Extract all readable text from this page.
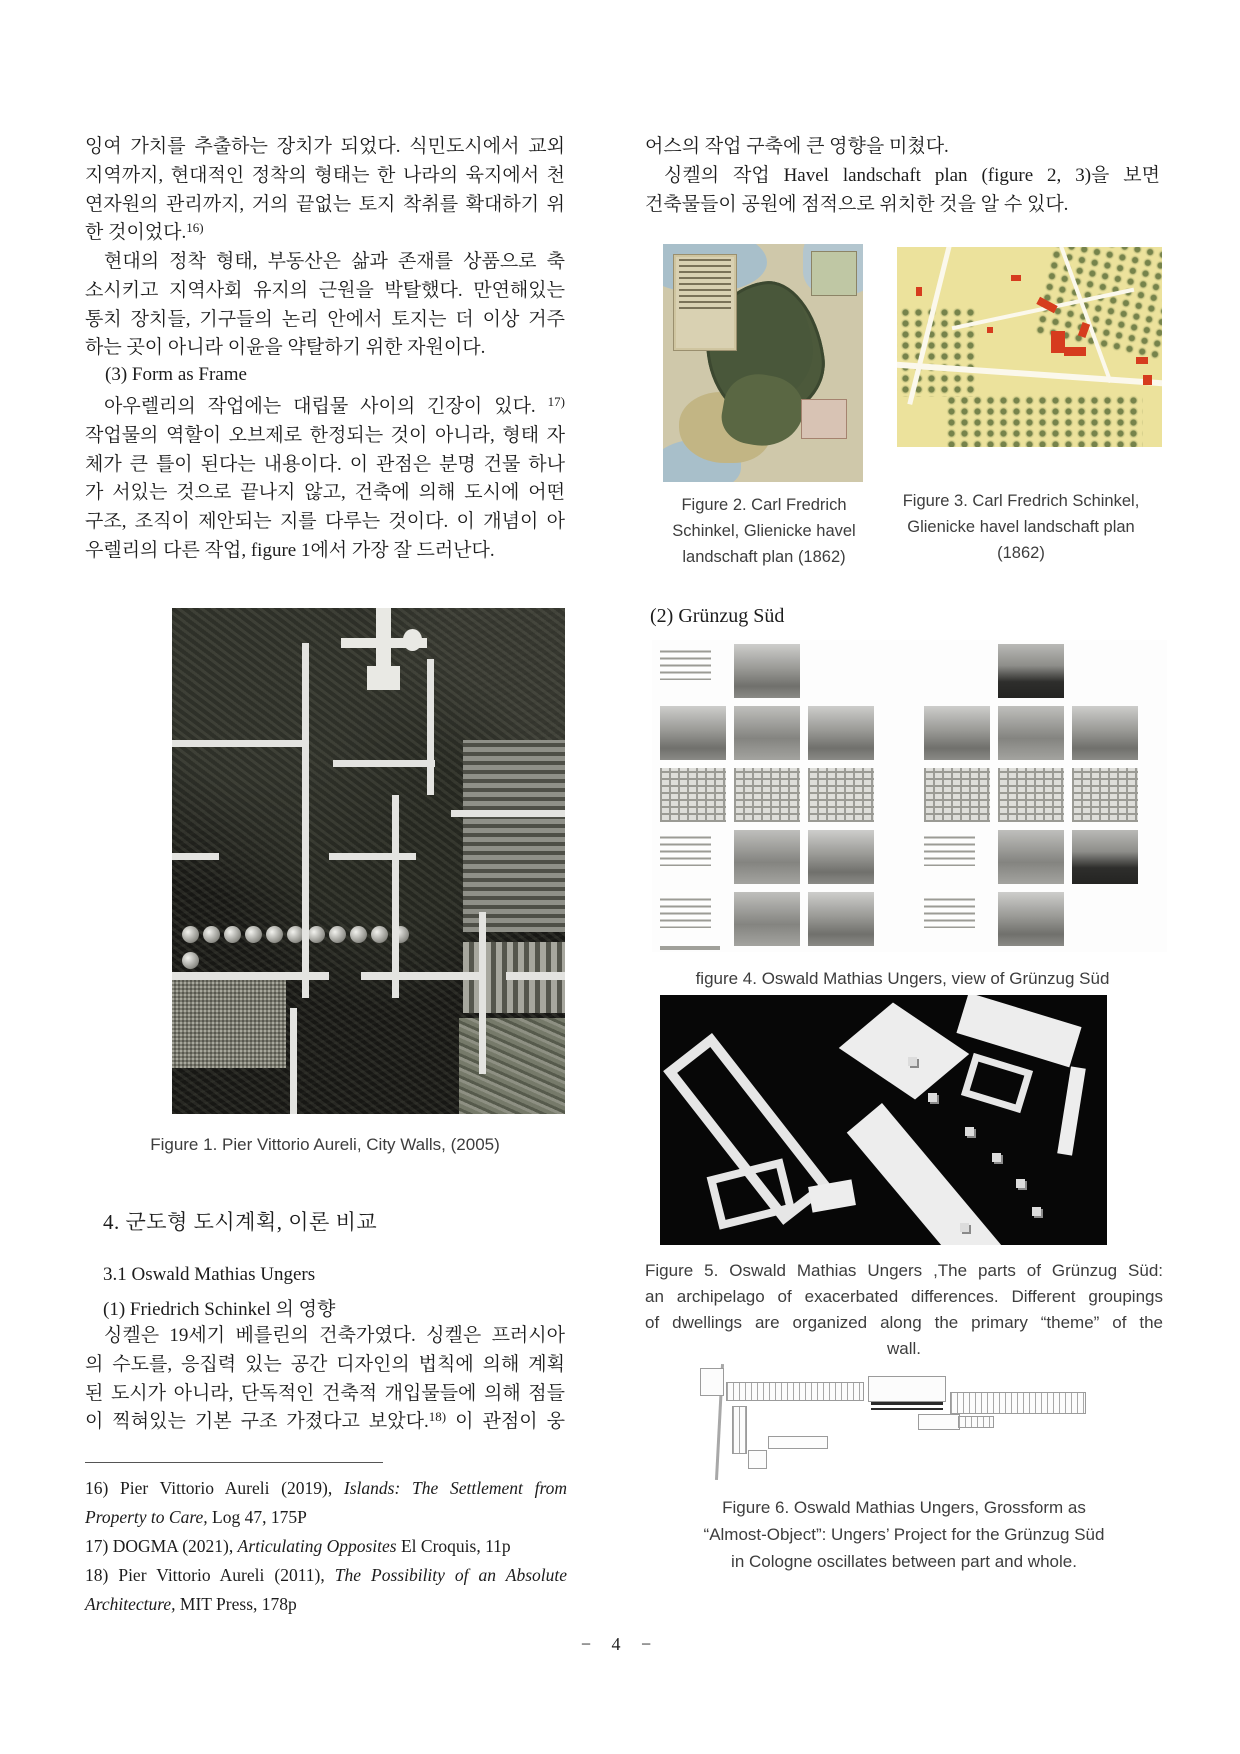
잉여 가치를 추출하는 장치가 되었다. 식민도시에서 교외
지역까지, 현대적인 정착의 형태는 한 나라의 육지에서 천
연자원의 관리까지, 거의 끝없는 토지 착취를 확대하기 위
한 것이었다.$^{16)}$
현대의 정착 형태, 부동산은 삶과 존재를 상품으로 축
소시키고 지역사회 유지의 근원을 박탈했다. 만연해있는
통치 장치들, 기구들의 논리 안에서 토지는 더 이상 거주
하는 곳이 아니라 이윤을 약탈하기 위한 자원이다.
(3) Form as Frame
아우렐리의 작업에는 대립물 사이의 긴장이 있다. $^{17)}$
작업물의 역할이 오브제로 한정되는 것이 아니라, 형태 자
체가 큰 틀이 된다는 내용이다. 이 관점은 분명 건물 하나
가 서있는 것으로 끝나지 않고, 건축에 의해 도시에 어떤
구조, 조직이 제안되는 지를 다루는 것이다. 이 개념이 아
우렐리의 다른 작업, figure 1에서 가장 잘 드러난다.
Figure 1. Pier Vittorio Aureli, City Walls, (2005)
4. 군도형 도시계획, 이론 비교
3.1 Oswald Mathias Ungers
(1) Friedrich Schinkel 의 영향
싱켈은 19세기 베를린의 건축가였다. 싱켈은 프러시아
의 수도를, 응집력 있는 공간 디자인의 법칙에 의해 계획
된 도시가 아니라, 단독적인 건축적 개입물들에 의해 점들
이 찍혀있는 기본 구조 가졌다고 보았다.$^{18)}$ 이 관점이 웅

16) Pier Vittorio Aureli (2019), Islands: The Settlement from Property to Care, Log 47, 175P

17) DOGMA (2021), Articulating Opposites El Croquis, 11p

18) Pier Vittorio Aureli (2011), The Possibility of an Absolute Architecture, MIT Press, 178p

어스의 작업 구축에 큰 영향을 미쳤다.
싱켈의 작업 Havel landschaft plan (figure 2, 3)을 보면
건축물들이 공원에 점적으로 위치한 것을 알 수 있다.
Figure 2. Carl Fredrich
Schinkel, Glienicke havel
landschaft plan (1862)
Figure 3. Carl Fredrich Schinkel,
Glienicke havel landschaft plan
(1862)
(2) Grünzug Süd
figure 4. Oswald Mathias Ungers, view of Grünzug Süd
Figure 5. Oswald Mathias Ungers ,The parts of Grünzug Süd:
an archipelago of exacerbated differences. Different groupings
of dwellings are organized along the primary “theme” of the
wall.
Figure 6. Oswald Mathias Ungers, Grossform as
“Almost-Object”: Ungers’ Project for the Grünzug Süd
in Cologne oscillates between part and whole.
− 4 −
